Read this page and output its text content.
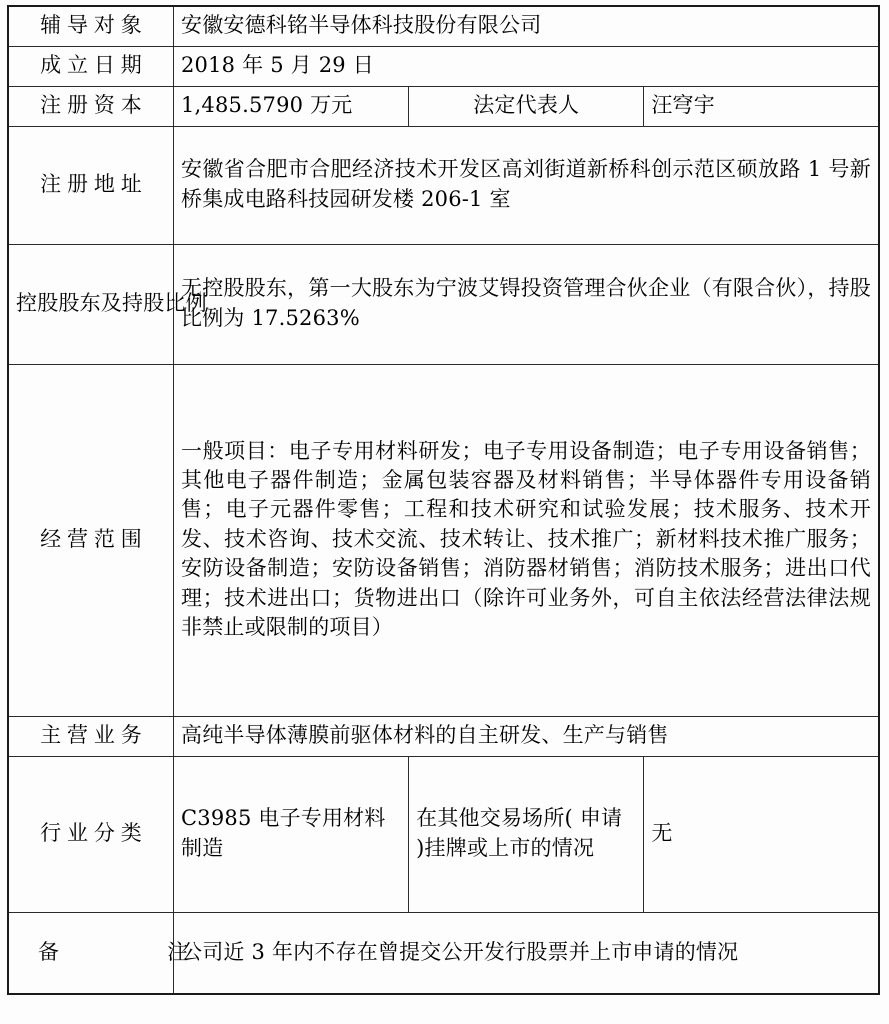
辅导对象	安徽安德科铭半导体科技股份有限公司		
成立日期	2018 年 5 月 29 日		
注册资本	1,485.5790 万元	法定代表人	汪穹宇
注册地址	安徽省合肥市合肥经济技术开发区高刘街道新桥科创示范区硕放路 1 号新桥集成电路科技园研发楼 206-1 室		
控股股东及持股比例	无控股股东，第一大股东为宁波艾锝投资管理合伙企业（有限合伙），持股比例为 17.5263%		
经营范围	一般项目：电子专用材料研发；电子专用设备制造；电子专用设备销售；其他电子器件制造；金属包装容器及材料销售；半导体器件专用设备销售；电子元器件零售；工程和技术研究和试验发展；技术服务、技术开发、技术咨询、技术交流、技术转让、技术推广；新材料技术推广服务；安防设备制造；安防设备销售；消防器材销售；消防技术服务；进出口代理；技术进出口；货物进出口（除许可业务外，可自主依法经营法律法规非禁止或限制的项目）		
主营业务	高纯半导体薄膜前驱体材料的自主研发、生产与销售		
行业分类	C3985 电子专用材料制造	在其他交易场所( 申请 )挂牌或上市的情况	无
备　　注	公司近 3 年内不存在曾提交公开发行股票并上市申请的情况		
